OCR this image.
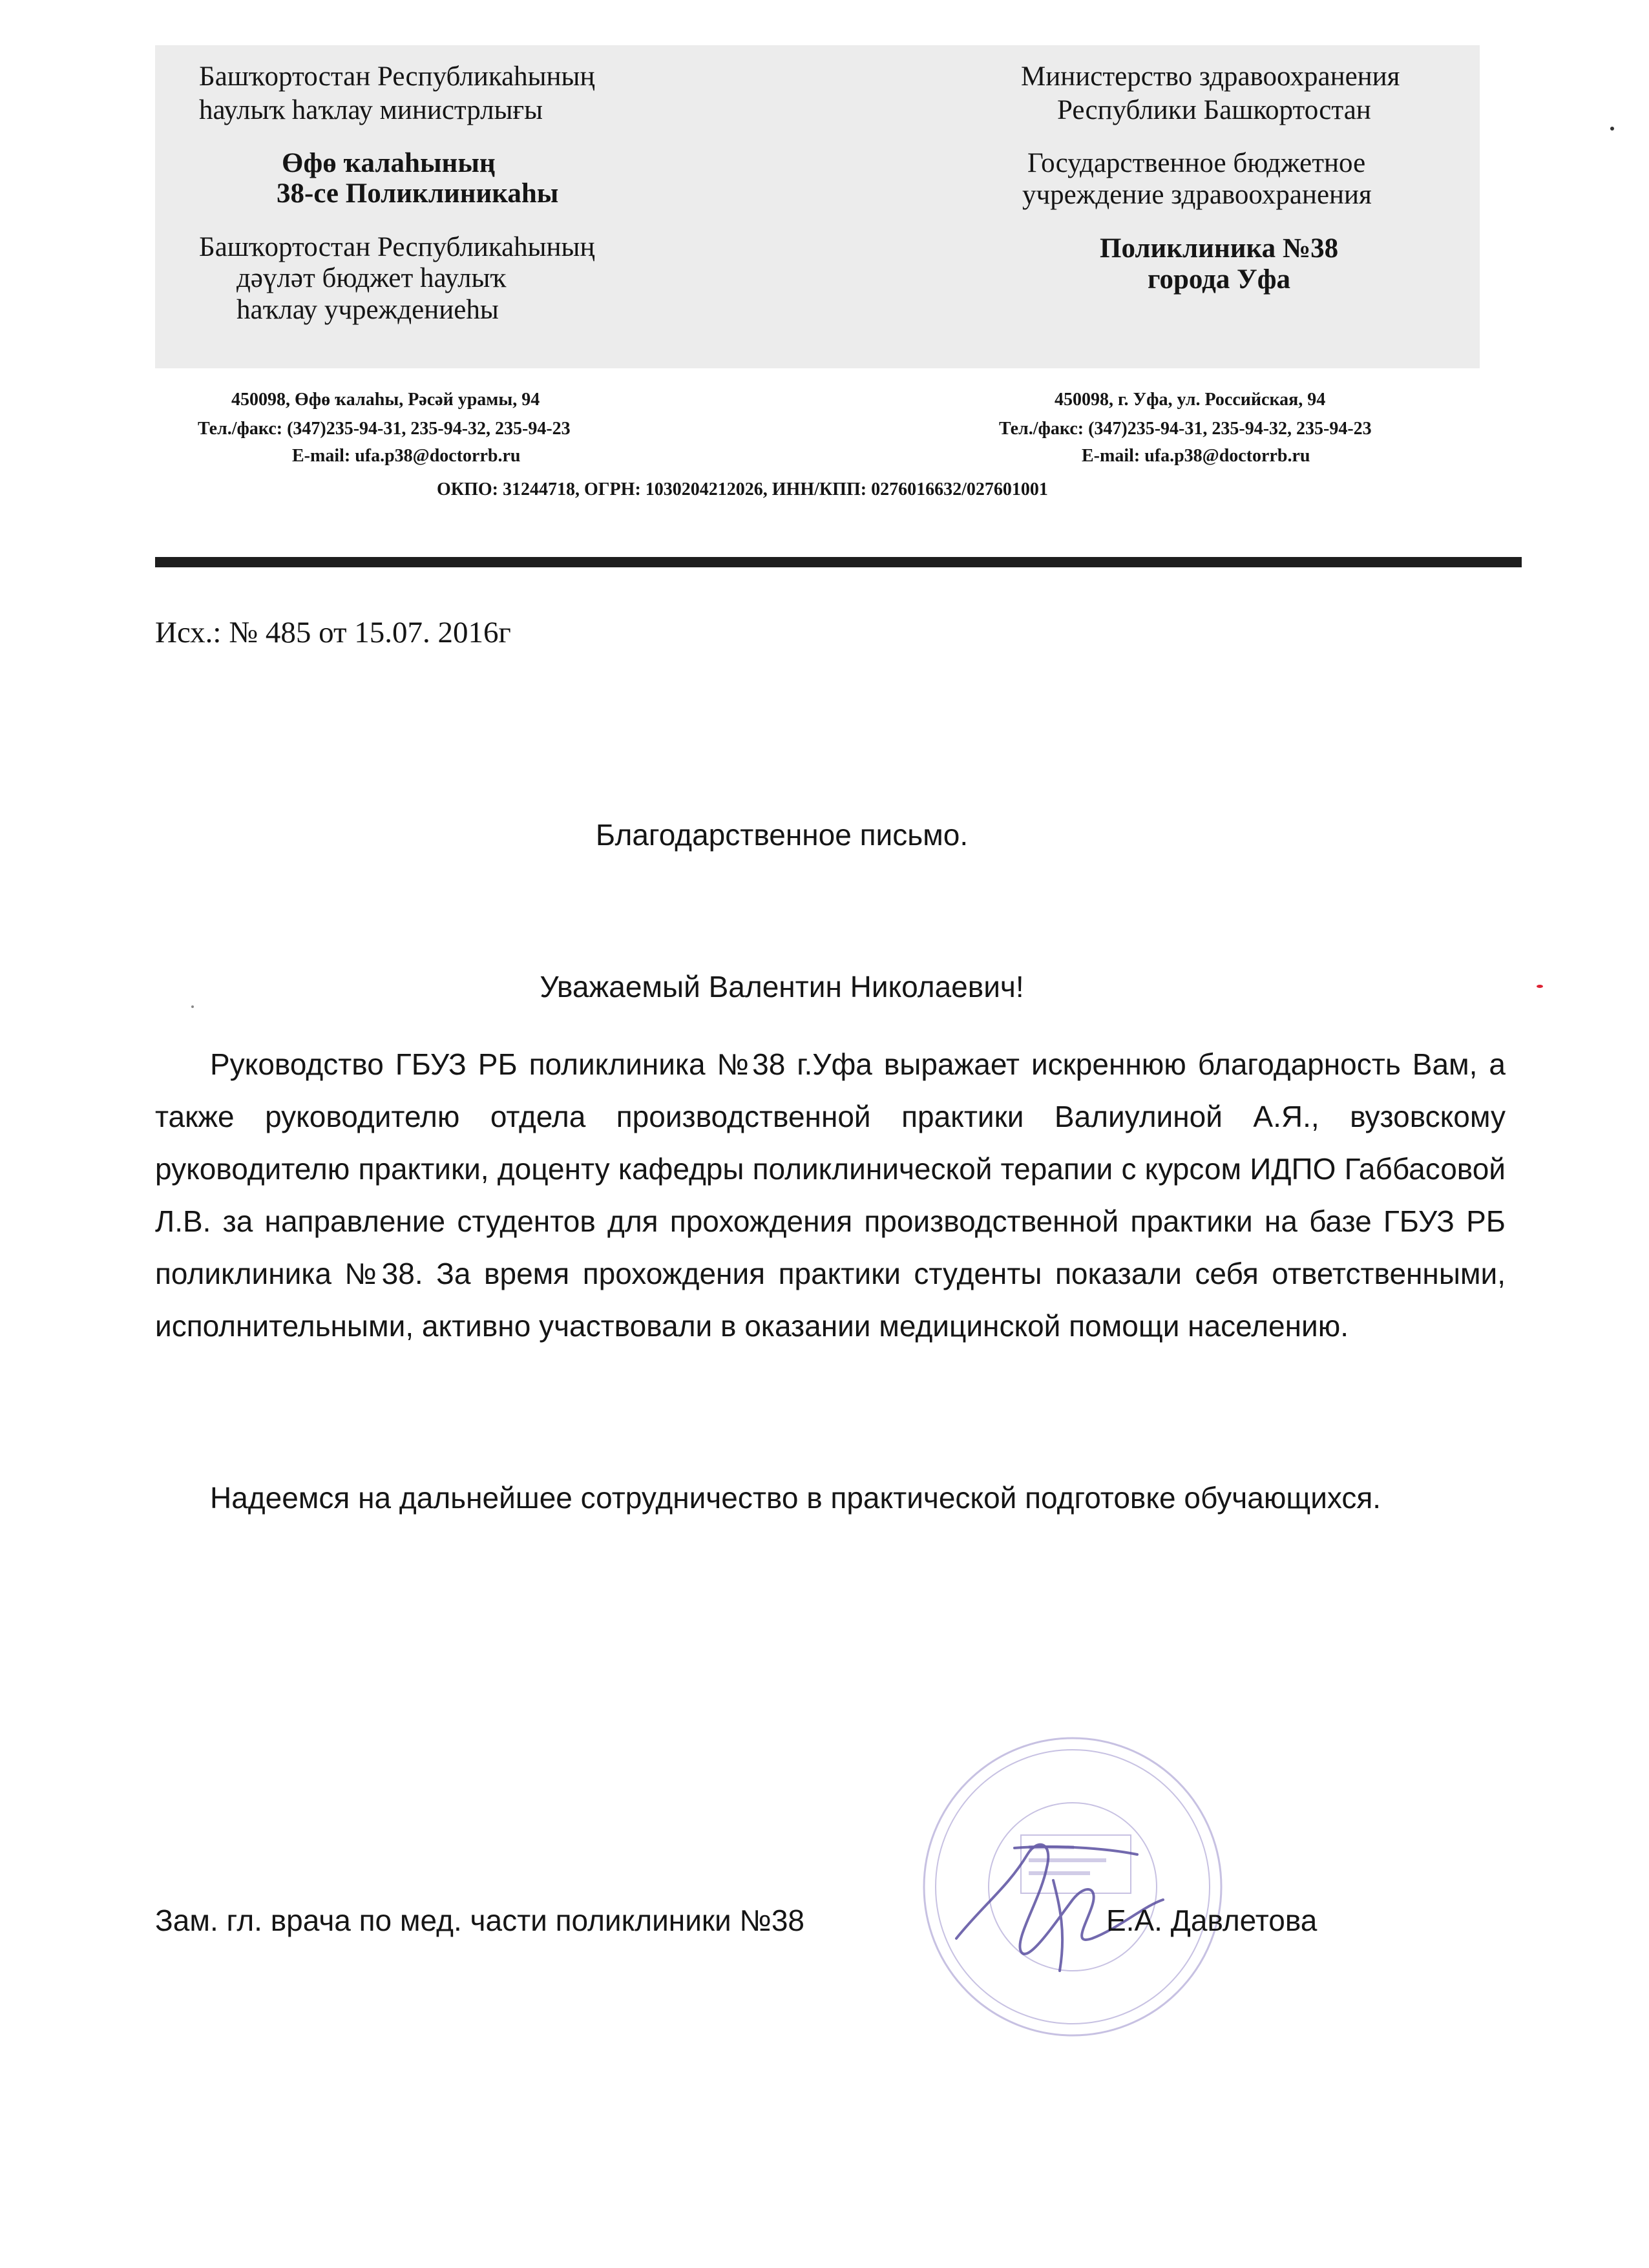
Башҡортостан Республикаһының
һаулыҡ һаҡлау министрлығы
Өфө ҡалаһының
38-се Поликлиникаһы
Башҡортостан Республикаһының
дәүләт бюджет һаулыҡ
һаҡлау учреждениеһы
450098, Өфө ҡалаһы, Рәсәй урамы, 94
Тел./факс: (347)235-94-31, 235-94-32, 235-94-23
E-mail: ufa.p38@doctorrb.ru
Министерство здравоохранения
Республики Башкортостан
Государственное бюджетное
учреждение здравоохранения
Поликлиника №38
города Уфа
450098, г. Уфа, ул. Российская, 94
Тел./факс: (347)235-94-31, 235-94-32, 235-94-23
E-mail: ufa.p38@doctorrb.ru
ОКПО: 31244718, ОГРН: 1030204212026, ИНН/КПП: 0276016632/027601001
Исх.: № 485 от 15.07. 2016г
Благодарственное письмо.
Уважаемый Валентин Николаевич!

Руководство ГБУЗ РБ поликлиника №38 г.Уфа выражает искреннюю благодарность Вам, а также руководителю отдела производственной практики Валиулиной А.Я., вузовскому руководителю практики, доценту кафедры поликлинической терапии с курсом ИДПО Габбасовой Л.В. за направление студентов для прохождения производственной практики на базе ГБУЗ РБ поликлиника №38. За время прохождения практики студенты показали себя ответственными, исполнительными, активно участвовали в оказании медицинской помощи населению.

Надеемся на дальнейшее сотрудничество в практической подготовке обучающихся.

Зам. гл. врача по мед. части поликлиники №38	Е.А. Давлетова
